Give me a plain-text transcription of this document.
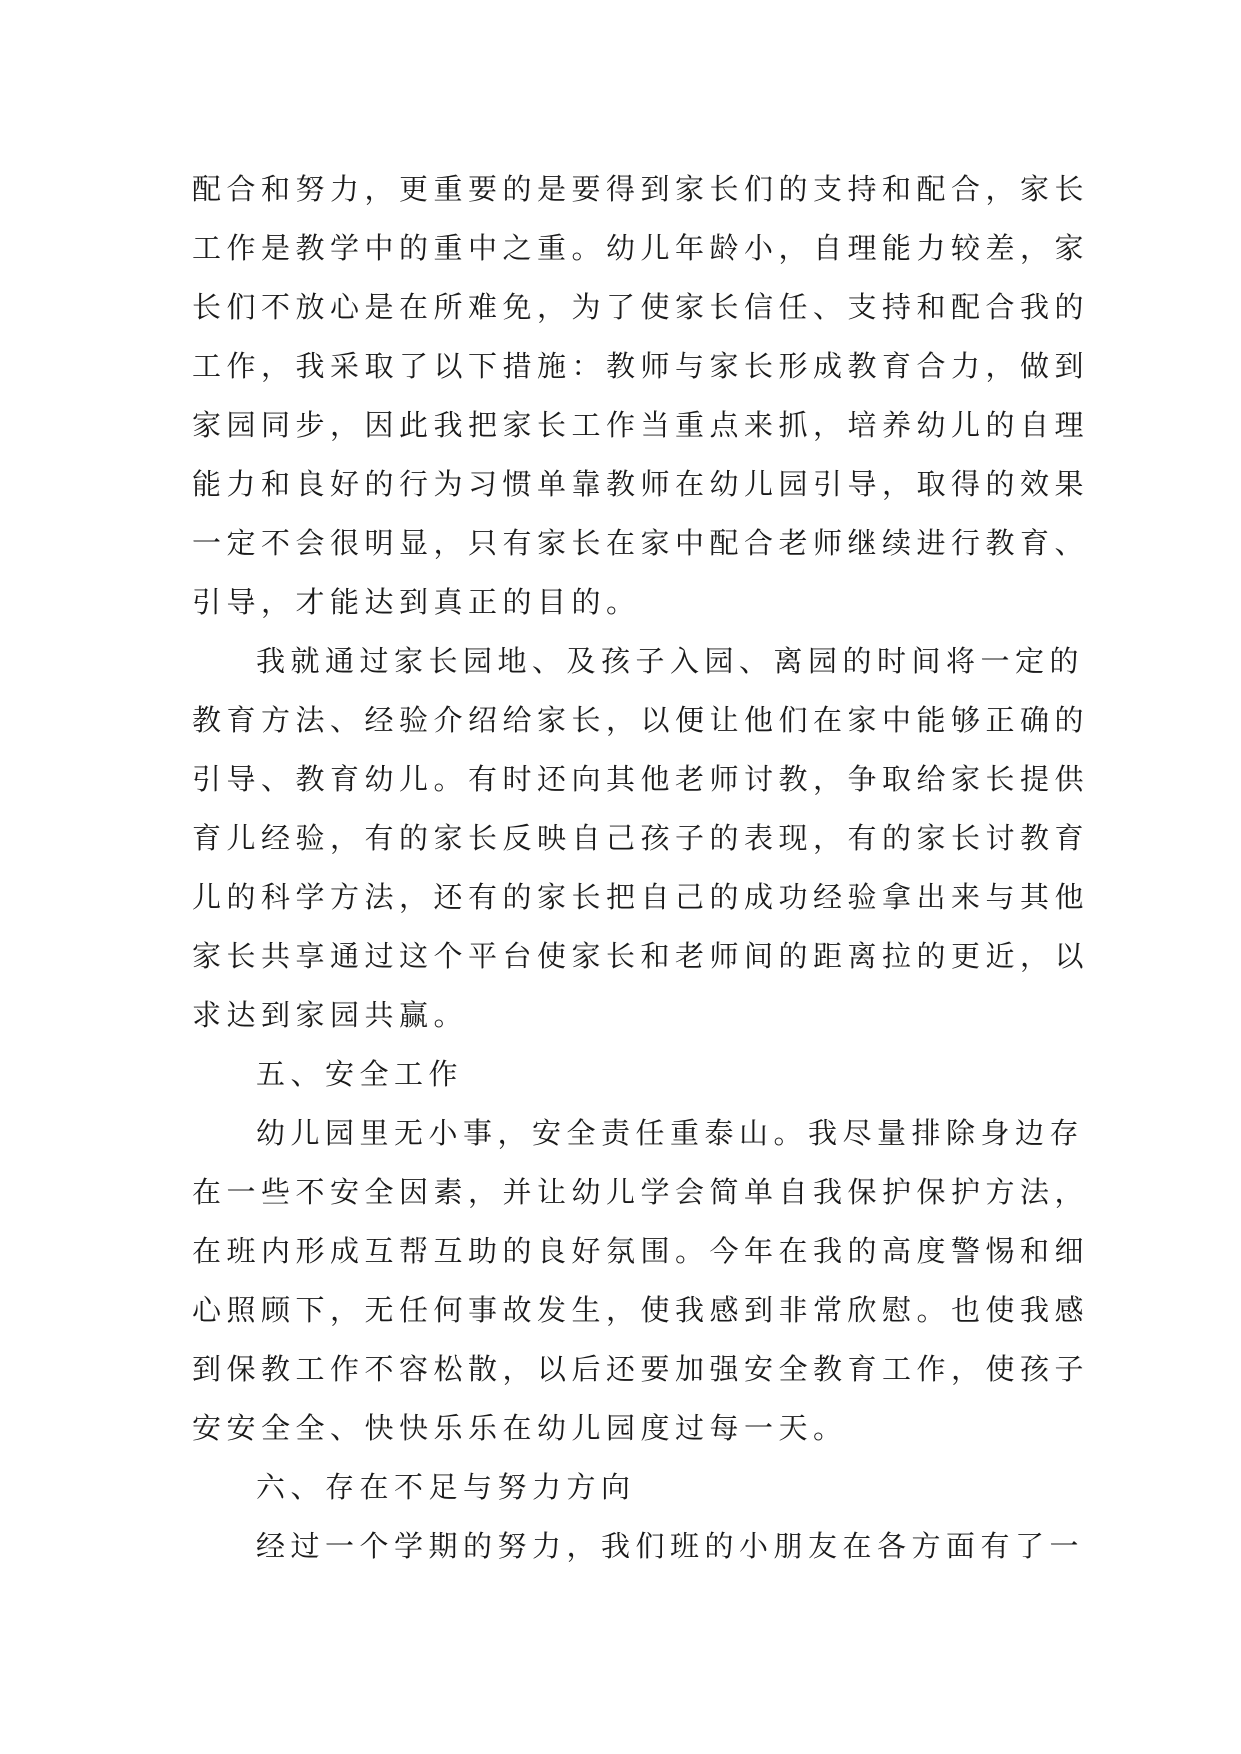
配合和努力，更重要的是要得到家长们的支持和配合，家长
工作是教学中的重中之重。幼儿年龄小，自理能力较差，家
长们不放心是在所难免，为了使家长信任、支持和配合我的
工作，我采取了以下措施：教师与家长形成教育合力，做到
家园同步，因此我把家长工作当重点来抓，培养幼儿的自理
能力和良好的行为习惯单靠教师在幼儿园引导，取得的效果
一定不会很明显，只有家长在家中配合老师继续进行教育、
引导，才能达到真正的目的。
我就通过家长园地、及孩子入园、离园的时间将一定的
教育方法、经验介绍给家长，以便让他们在家中能够正确的
引导、教育幼儿。有时还向其他老师讨教，争取给家长提供
育儿经验，有的家长反映自己孩子的表现，有的家长讨教育
儿的科学方法，还有的家长把自己的成功经验拿出来与其他
家长共享通过这个平台使家长和老师间的距离拉的更近，以
求达到家园共赢。
五、安全工作
幼儿园里无小事，安全责任重泰山。我尽量排除身边存
在一些不安全因素，并让幼儿学会简单自我保护保护方法，
在班内形成互帮互助的良好氛围。今年在我的高度警惕和细
心照顾下，无任何事故发生，使我感到非常欣慰。也使我感
到保教工作不容松散，以后还要加强安全教育工作，使孩子
安安全全、快快乐乐在幼儿园度过每一天。
六、存在不足与努力方向
经过一个学期的努力，我们班的小朋友在各方面有了一
